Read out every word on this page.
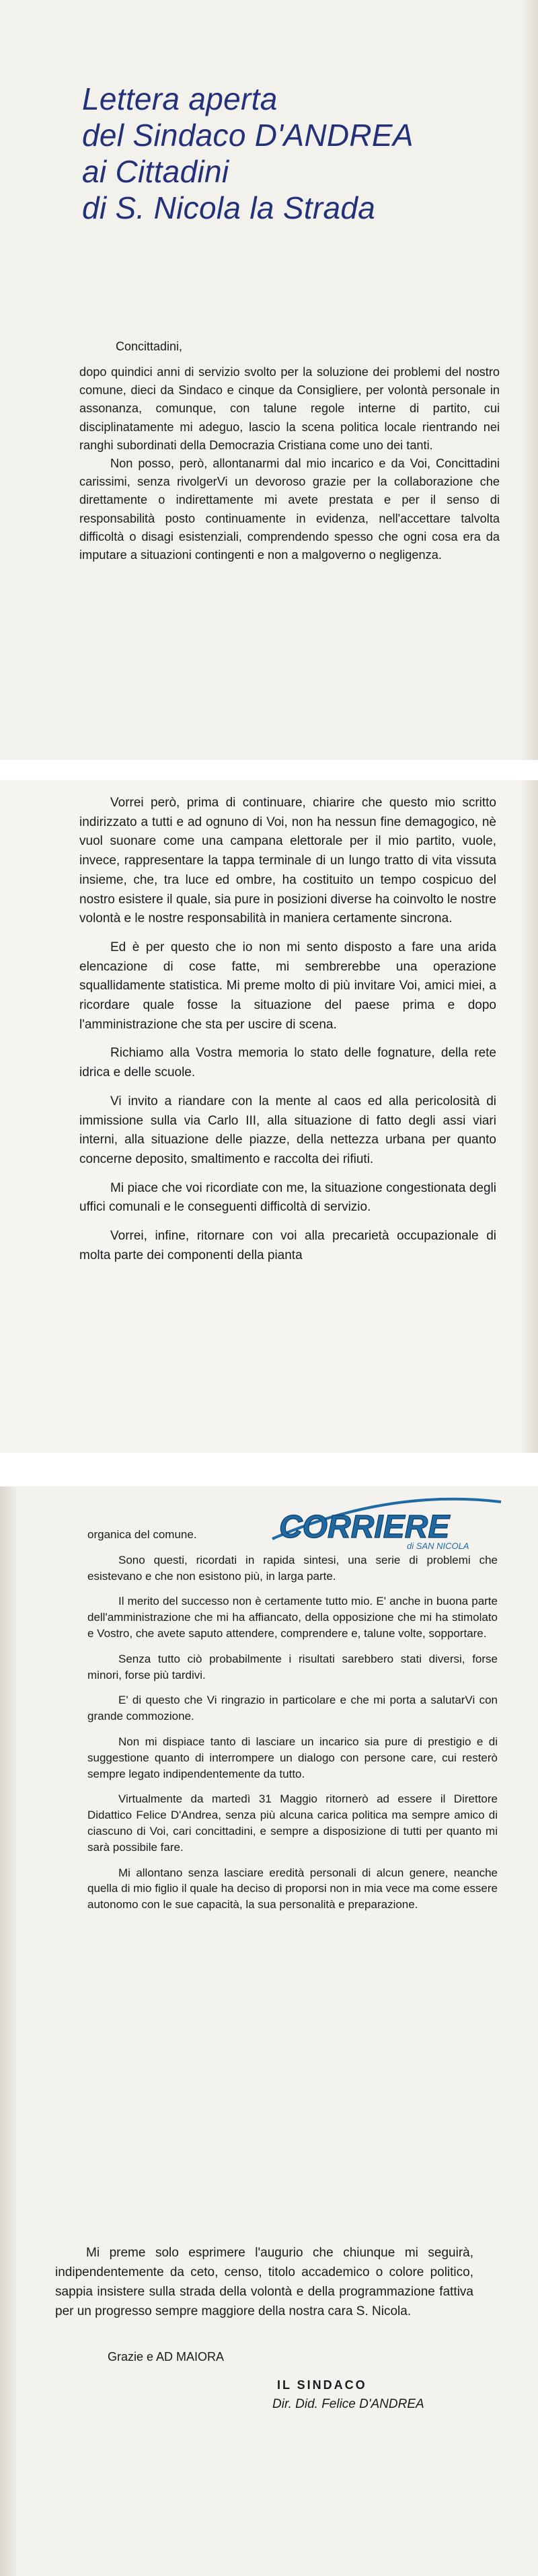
Lettera aperta
del Sindaco D'ANDREA
ai Cittadini
di S. Nicola la Strada
Concittadini,

dopo quindici anni di servizio svolto per la soluzione dei problemi del nostro comune, dieci da Sindaco e cinque da Consigliere, per volontà personale in assonanza, comunque, con talune regole interne di partito, cui disciplinatamente mi adeguo, lascio la scena politica locale rientrando nei ranghi subordinati della Democrazia Cristiana come uno dei tanti.

Non posso, però, allontanarmi dal mio incarico e da Voi, Concittadini carissimi, senza rivolgerVi un devoroso grazie per la collaborazione che direttamente o indirettamente mi avete prestata e per il senso di responsabilità posto continuamente in evidenza, nell'accettare talvolta difficoltà o disagi esistenziali, comprendendo spesso che ogni cosa era da imputare a situazioni contingenti e non a malgoverno o negligenza.

Vorrei però, prima di continuare, chiarire che questo mio scritto indirizzato a tutti e ad ognuno di Voi, non ha nessun fine demagogico, nè vuol suonare come una campana elettorale per il mio partito, vuole, invece, rappresentare la tappa terminale di un lungo tratto di vita vissuta insieme, che, tra luce ed ombre, ha costituito un tempo cospicuo del nostro esistere il quale, sia pure in posizioni diverse ha coinvolto le nostre volontà e le nostre responsabilità in maniera certamente sincrona.

Ed è per questo che io non mi sento disposto a fare una arida elencazione di cose fatte, mi sembrerebbe una operazione squallidamente statistica. Mi preme molto di più invitare Voi, amici miei, a ricordare quale fosse la situazione del paese prima e dopo l'amministrazione che sta per uscire di scena.

Richiamo alla Vostra memoria lo stato delle fognature, della rete idrica e delle scuole.

Vi invito a riandare con la mente al caos ed alla pericolosità di immissione sulla via Carlo III, alla situazione di fatto degli assi viari interni, alla situazione delle piazze, della nettezza urbana per quanto concerne deposito, smaltimento e raccolta dei rifiuti.

Mi piace che voi ricordiate con me, la situazione congestionata degli uffici comunali e le conseguenti difficoltà di servizio.

Vorrei, infine, ritornare con voi alla precarietà occupazionale di molta parte dei componenti della pianta

CORRIERE
di SAN NICOLA

organica del comune.

Sono questi, ricordati in rapida sintesi, una serie di problemi che esistevano e che non esistono più, in larga parte.

Il merito del successo non è certamente tutto mio. E' anche in buona parte dell'amministrazione che mi ha affiancato, della opposizione che mi ha stimolato e Vostro, che avete saputo attendere, comprendere e, talune volte, sopportare.

Senza tutto ciò probabilmente i risultati sarebbero stati diversi, forse minori, forse più tardivi.

E' di questo che Vi ringrazio in particolare e che mi porta a salutarVi con grande commozione.

Non mi dispiace tanto di lasciare un incarico sia pure di prestigio e di suggestione quanto di interrompere un dialogo con persone care, cui resterò sempre legato indipendentemente da tutto.

Virtualmente da martedì 31 Maggio ritornerò ad essere il Direttore Didattico Felice D'Andrea, senza più alcuna carica politica ma sempre amico di ciascuno di Voi, cari concittadini, e sempre a disposizione di tutti per quanto mi sarà possibile fare.

Mi allontano senza lasciare eredità personali di alcun genere, neanche quella di mio figlio il quale ha deciso di proporsi non in mia vece ma come essere autonomo con le sue capacità, la sua personalità e preparazione.

Mi preme solo esprimere l'augurio che chiunque mi seguirà, indipendentemente da ceto, censo, titolo accademico o colore politico, sappia insistere sulla strada della volontà e della programmazione fattiva per un progresso sempre maggiore della nostra cara S. Nicola.

Grazie e AD MAIORA
IL SINDACO
Dir. Did. Felice D'ANDREA
